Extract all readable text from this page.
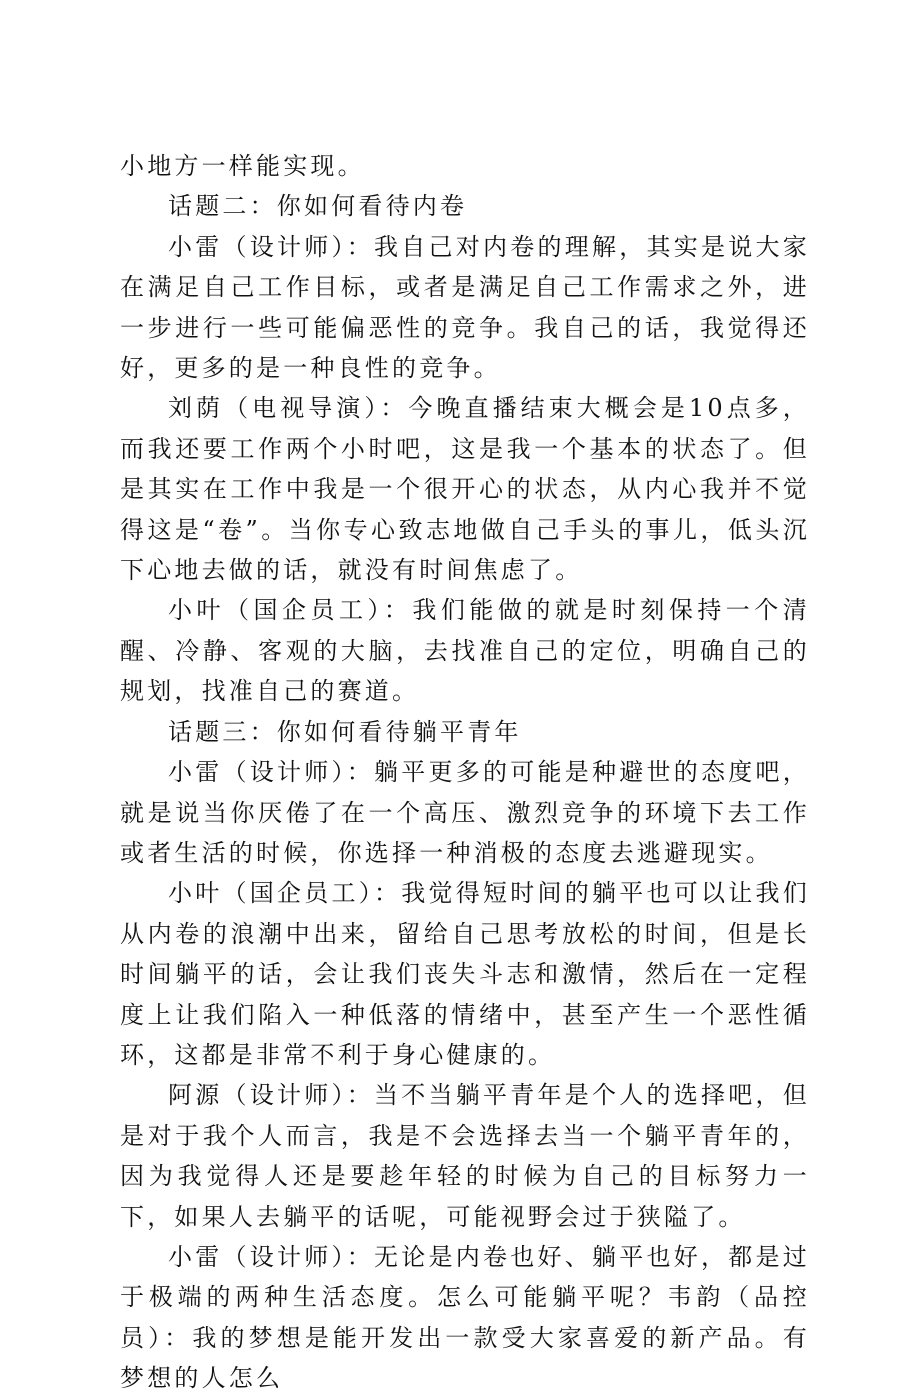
小地方一样能实现。

话题二：你如何看待内卷

小雷（设计师）：我自己对内卷的理解，其实是说大家在满足自己工作目标，或者是满足自己工作需求之外，进一步进行一些可能偏恶性的竞争。我自己的话，我觉得还好，更多的是一种良性的竞争。

刘荫（电视导演）：今晚直播结束大概会是10点多，而我还要工作两个小时吧，这是我一个基本的状态了。但是其实在工作中我是一个很开心的状态，从内心我并不觉得这是“卷”。当你专心致志地做自己手头的事儿，低头沉下心地去做的话，就没有时间焦虑了。

小叶（国企员工）：我们能做的就是时刻保持一个清醒、冷静、客观的大脑，去找准自己的定位，明确自己的规划，找准自己的赛道。

话题三：你如何看待躺平青年

小雷（设计师）：躺平更多的可能是种避世的态度吧，就是说当你厌倦了在一个高压、激烈竞争的环境下去工作或者生活的时候，你选择一种消极的态度去逃避现实。

小叶（国企员工）：我觉得短时间的躺平也可以让我们从内卷的浪潮中出来，留给自己思考放松的时间，但是长时间躺平的话，会让我们丧失斗志和激情，然后在一定程度上让我们陷入一种低落的情绪中，甚至产生一个恶性循环，这都是非常不利于身心健康的。

阿源（设计师）：当不当躺平青年是个人的选择吧，但是对于我个人而言，我是不会选择去当一个躺平青年的，因为我觉得人还是要趁年轻的时候为自己的目标努力一下，如果人去躺平的话呢，可能视野会过于狭隘了。

小雷（设计师）：无论是内卷也好、躺平也好，都是过于极端的两种生活态度。怎么可能躺平呢？韦韵（品控员）：我的梦想是能开发出一款受大家喜爱的新产品。有梦想的人怎么
